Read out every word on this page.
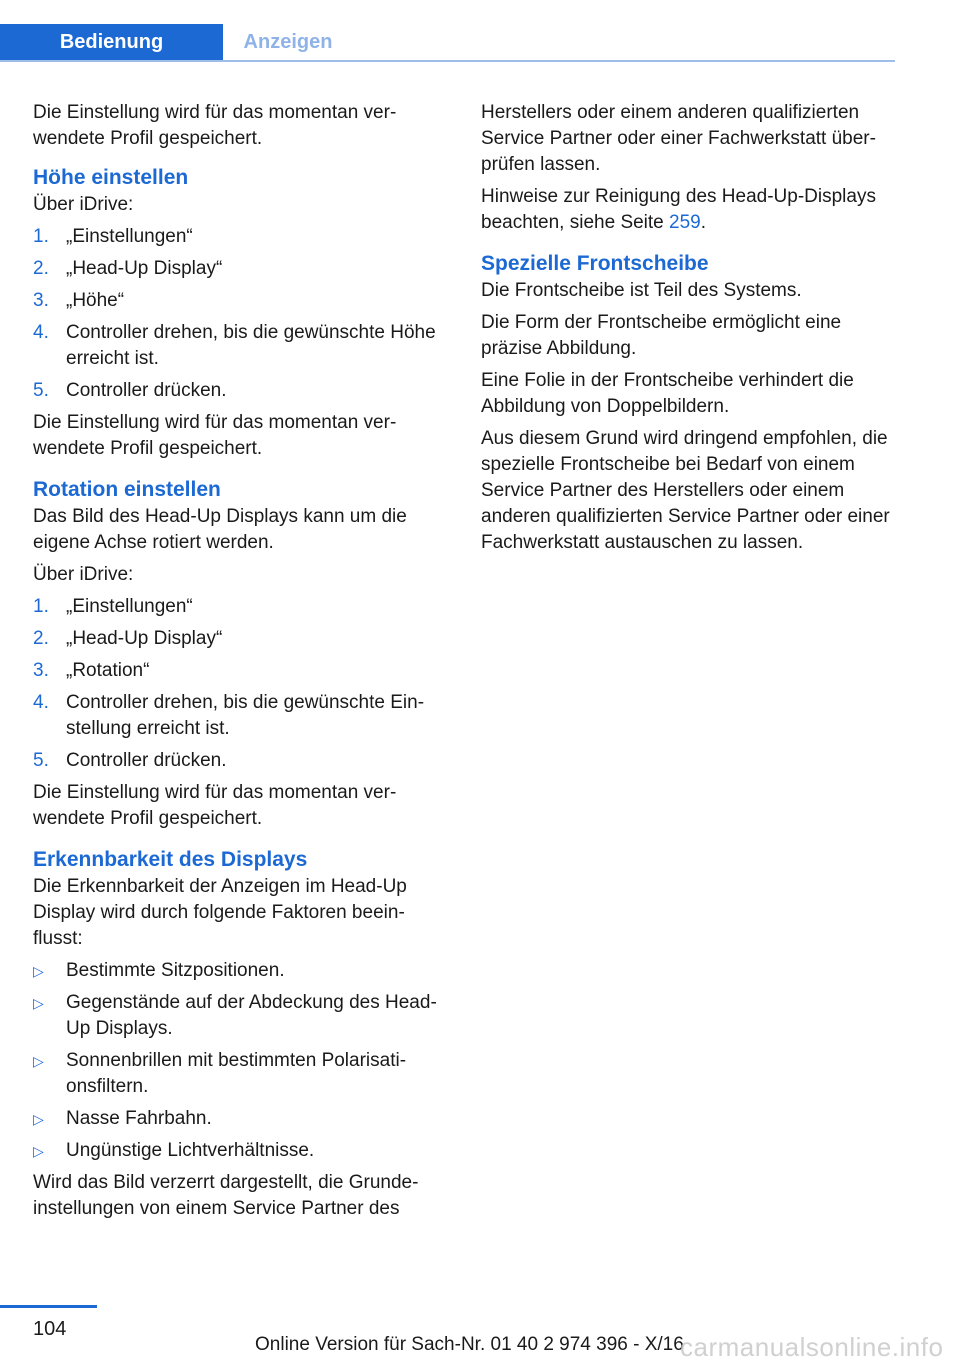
Bedienung	Anzeigen

Die Einstellung wird für das momentan verwendete Profil gespeichert.

Höhe einstellen

Über iDrive:

1. „Einstellungen“
2. „Head-Up Display“
3. „Höhe“
4. Controller drehen, bis die gewünschte Höhe erreicht ist.
5. Controller drücken.

Die Einstellung wird für das momentan verwendete Profil gespeichert.

Rotation einstellen

Das Bild des Head-Up Displays kann um die eigene Achse rotiert werden.

Über iDrive:

1. „Einstellungen“
2. „Head-Up Display“
3. „Rotation“
4. Controller drehen, bis die gewünschte Einstellung erreicht ist.
5. Controller drücken.

Die Einstellung wird für das momentan verwendete Profil gespeichert.

Erkennbarkeit des Displays

Die Erkennbarkeit der Anzeigen im Head-Up Display wird durch folgende Faktoren beeinflusst:

▷ Bestimmte Sitzpositionen.
▷ Gegenstände auf der Abdeckung des Head-Up Displays.
▷ Sonnenbrillen mit bestimmten Polarisationsfiltern.
▷ Nasse Fahrbahn.
▷ Ungünstige Lichtverhältnisse.

Wird das Bild verzerrt dargestellt, die Grundeinstellungen von einem Service Partner des

Herstellers oder einem anderen qualifizierten Service Partner oder einer Fachwerkstatt überprüfen lassen.

Hinweise zur Reinigung des Head-Up-Displays beachten, siehe Seite 259.

Spezielle Frontscheibe

Die Frontscheibe ist Teil des Systems.

Die Form der Frontscheibe ermöglicht eine präzise Abbildung.

Eine Folie in der Frontscheibe verhindert die Abbildung von Doppelbildern.

Aus diesem Grund wird dringend empfohlen, die spezielle Frontscheibe bei Bedarf von einem Service Partner des Herstellers oder einem anderen qualifizierten Service Partner oder einer Fachwerkstatt austauschen zu lassen.

104
Online Version für Sach-Nr. 01 40 2 974 396 - X/16
carmanualsonline.info
